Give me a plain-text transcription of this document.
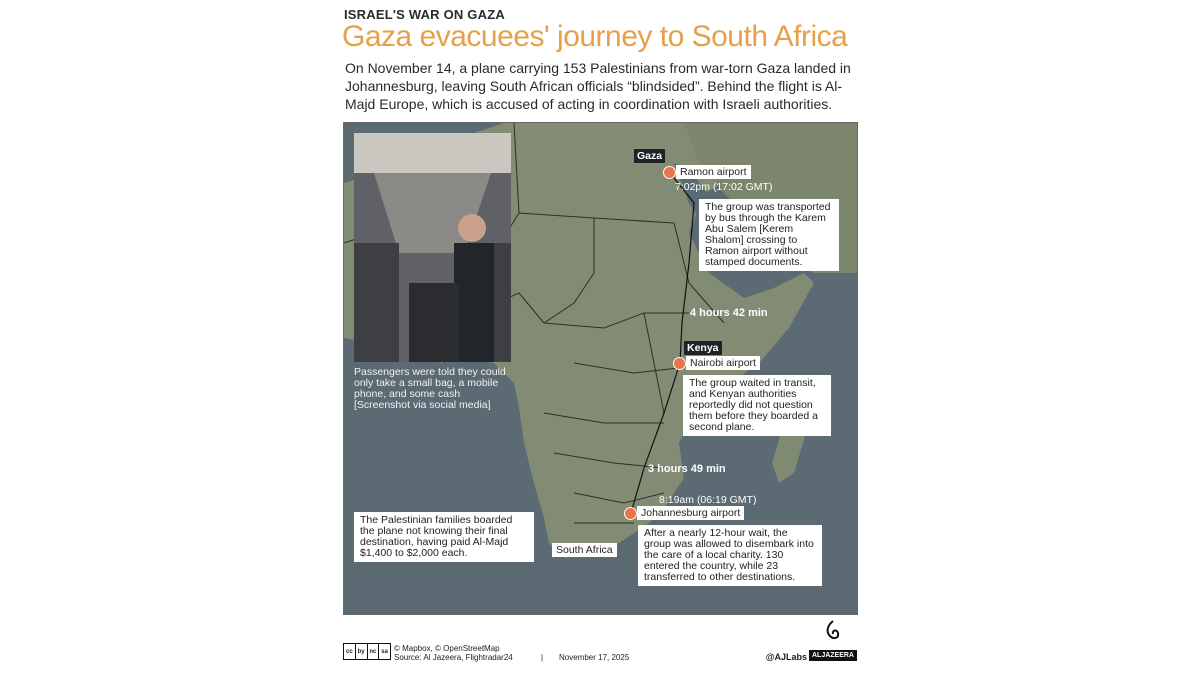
ISRAEL'S WAR ON GAZA
Gaza evacuees' journey to South Africa
On November 14, a plane carrying 153 Palestinians from war-torn Gaza landed in Johannesburg, leaving South African officials “blindsided”. Behind the flight is Al-Majd Europe, which is accused of acting in coordination with Israeli authorities.
Passengers were told they could only take a small bag, a mobile phone, and some cash [Screenshot via social media]
Gaza
Ramon airport
7:02pm (17:02 GMT)
The group was transported by bus through the Karem Abu Salem [Kerem Shalom] crossing to Ramon airport without stamped documents.
4 hours 42 min
Kenya
Nairobi airport
The group waited in transit, and Kenyan authorities reportedly did not question them before they boarded a second plane.
3 hours 49 min
8:19am (06:19 GMT)
Johannesburg airport
South Africa
After a nearly 12-hour wait, the group was allowed to disembark into the care of a local charity. 130 entered the country, while 23 transferred to other destinations.
The Palestinian families boarded the plane not knowing their final destination, having paid Al-Majd $1,400 to $2,000 each.
cc by nc sa © Mapbox, © OpenStreetMap
Source: Al Jazeera, Flightradar24	| November 17, 2025	@AJLabs ALJAZEERA
